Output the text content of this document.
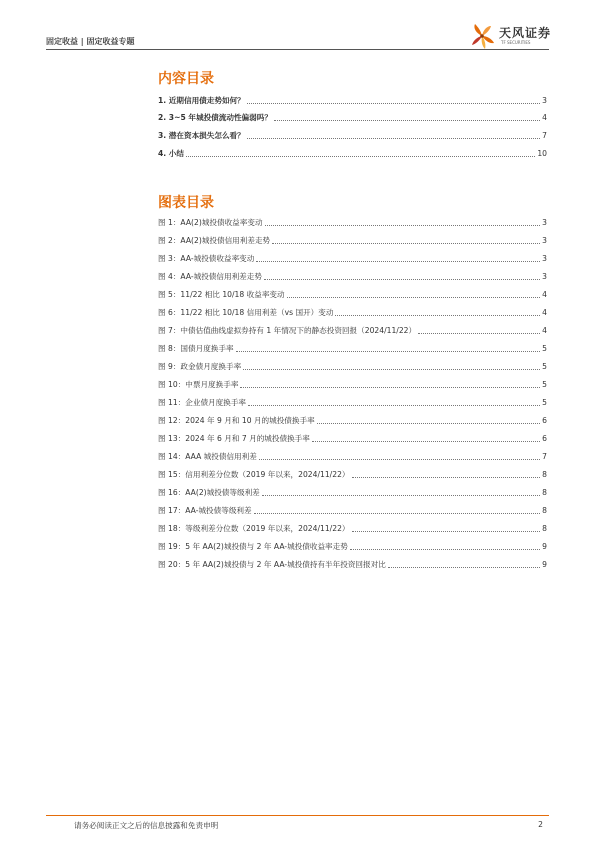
固定收益 | 固定收益专题
天风证券
TF SECURITIES
内容目录
1. 近期信用债走势如何？	3
2. 3~5 年城投债流动性偏弱吗？	4
3. 潜在资本损失怎么看？	7
4. 小结	10
图表目录
图 1：AA(2)城投债收益率变动	3
图 2：AA(2)城投债信用利差走势	3
图 3：AA-城投债收益率变动	3
图 4：AA-城投债信用利差走势	3
图 5：11/22 相比 10/18 收益率变动	4
图 6：11/22 相比 10/18 信用利差（vs 国开）变动	4
图 7：中债估值曲线虚拟券持有 1 年情况下的静态投资回报（2024/11/22）	4
图 8：国债月度换手率	5
图 9：政金债月度换手率	5
图 10：中票月度换手率	5
图 11：企业债月度换手率	5
图 12：2024 年 9 月和 10 月的城投债换手率	6
图 13：2024 年 6 月和 7 月的城投债换手率	6
图 14：AAA 城投债信用利差	7
图 15：信用利差分位数（2019 年以来，2024/11/22）	8
图 16：AA(2)城投债等级利差	8
图 17：AA-城投债等级利差	8
图 18：等级利差分位数（2019 年以来，2024/11/22）	8
图 19：5 年 AA(2)城投债与 2 年 AA-城投债收益率走势	9
图 20：5 年 AA(2)城投债与 2 年 AA-城投债持有半年投资回报对比	9
请务必阅读正文之后的信息披露和免责申明	2
